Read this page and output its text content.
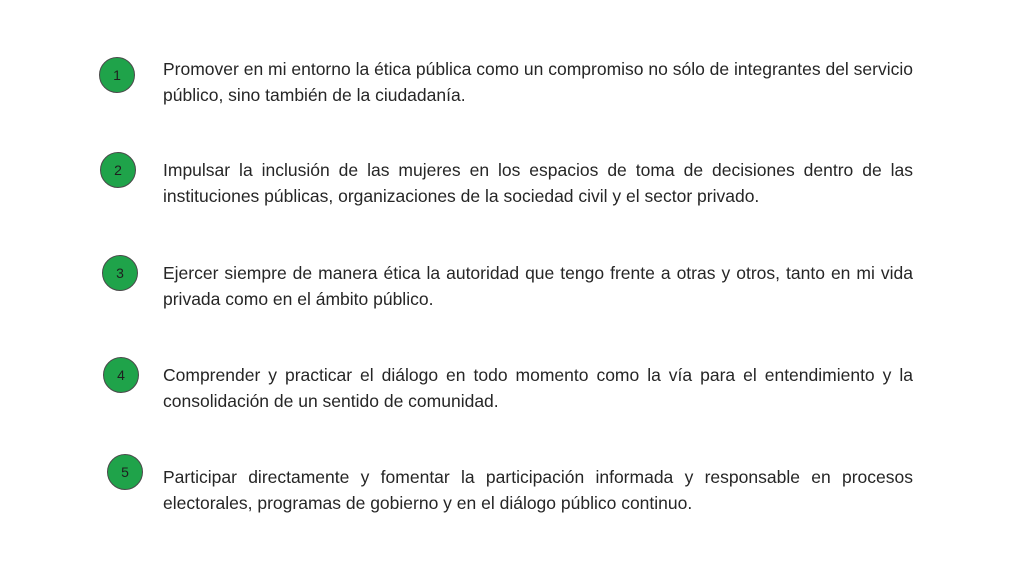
1 Promover en mi entorno la ética pública como un compromiso no sólo de integrantes del servicio público, sino también de la ciudadanía.

2 Impulsar la inclusión de las mujeres en los espacios de toma de decisiones dentro de las instituciones públicas, organizaciones de la sociedad civil y el sector privado.

3 Ejercer siempre de manera ética la autoridad que tengo frente a otras y otros, tanto en mi vida privada como en el ámbito público.

4 Comprender y practicar el diálogo en todo momento como la vía para el entendimiento y la consolidación de un sentido de comunidad.

5 Participar directamente y fomentar la participación informada y responsable en procesos electorales, programas de gobierno y en el diálogo público continuo.
